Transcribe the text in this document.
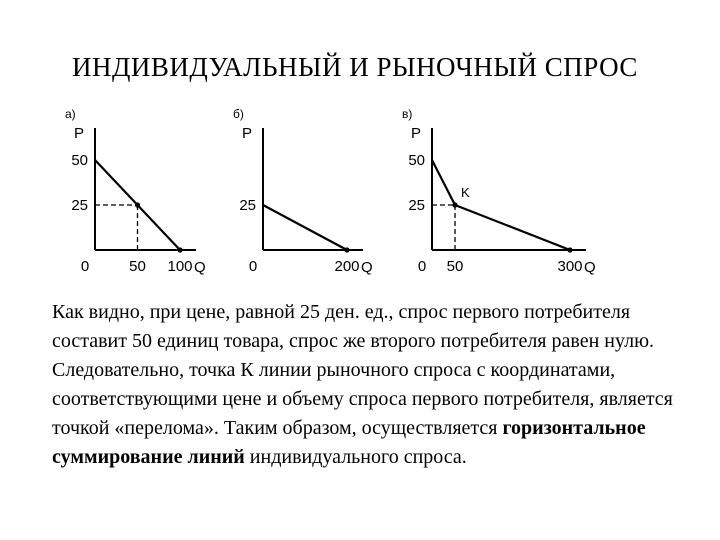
ИНДИВИДУАЛЬНЫЙ И РЫНОЧНЫЙ СПРОС
а)
P
Q
50
25
0	50 100
б)
P
Q
25
0	200
в)
P
Q
50
25
0 50	300
K

Как видно, при цене, равной 25 ден. ед., спрос первого потребителя составит 50 единиц товара, спрос же второго потребителя равен нулю. Следовательно, точка К линии рыночного спроса с координатами, соответствующими цене и объему спроса первого потребителя, является точкой «перелома». Таким образом, осуществляется горизонтальное суммирование линий индивидуального спроса.
